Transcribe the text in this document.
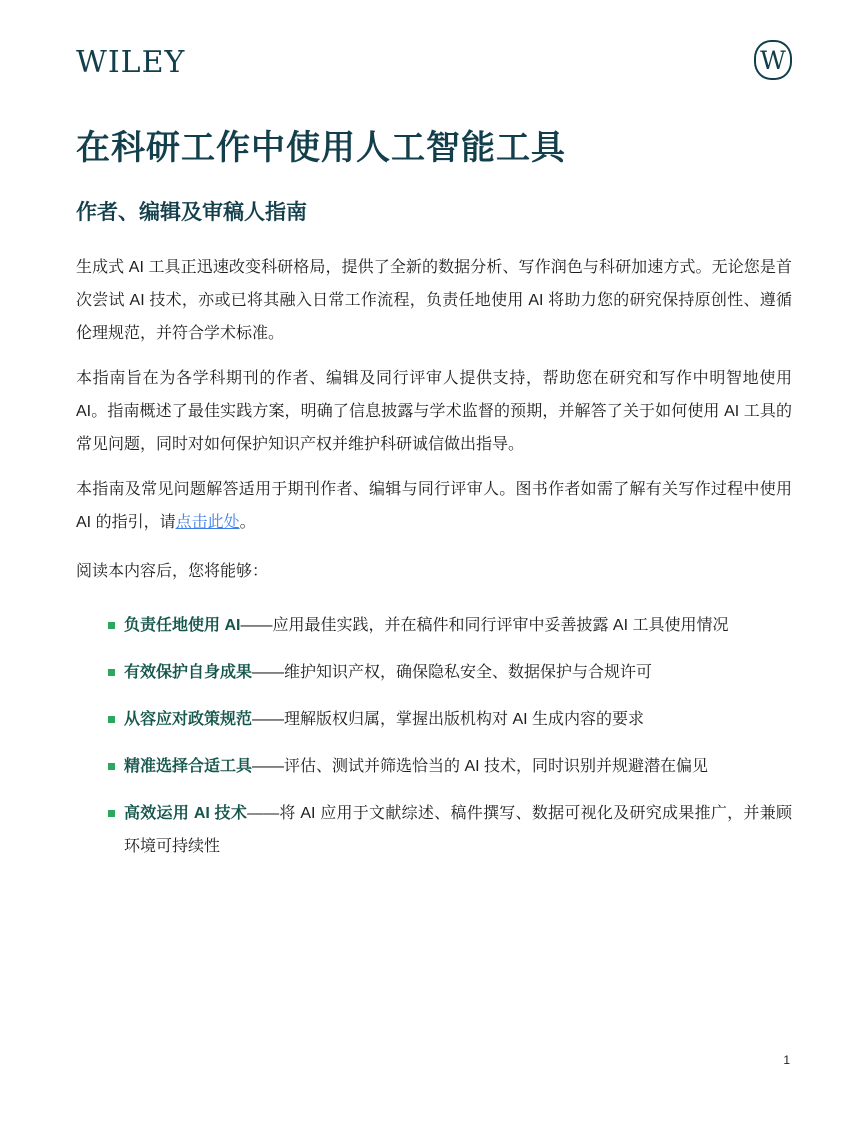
WILEY	W
在科研工作中使用人工智能工具
作者、编辑及审稿人指南

生成式 AI 工具正迅速改变科研格局，提供了全新的数据分析、写作润色与科研加速方式。无论您是首次尝试 AI 技术，亦或已将其融入日常工作流程，负责任地使用 AI 将助力您的研究保持原创性、遵循伦理规范，并符合学术标准。

本指南旨在为各学科期刊的作者、编辑及同行评审人提供支持，帮助您在研究和写作中明智地使用 AI。指南概述了最佳实践方案，明确了信息披露与学术监督的预期，并解答了关于如何使用 AI 工具的常见问题，同时对如何保护知识产权并维护科研诚信做出指导。

本指南及常见问题解答适用于期刊作者、编辑与同行评审人。图书作者如需了解有关写作过程中使用 AI 的指引，请点击此处。

阅读本内容后，您将能够：

负责任地使用 AI——应用最佳实践，并在稿件和同行评审中妥善披露 AI 工具使用情况
有效保护自身成果——维护知识产权，确保隐私安全、数据保护与合规许可
从容应对政策规范——理解版权归属，掌握出版机构对 AI 生成内容的要求
精准选择合适工具——评估、测试并筛选恰当的 AI 技术，同时识别并规避潜在偏见
高效运用 AI 技术——将 AI 应用于文献综述、稿件撰写、数据可视化及研究成果推广，并兼顾环境可持续性
1
